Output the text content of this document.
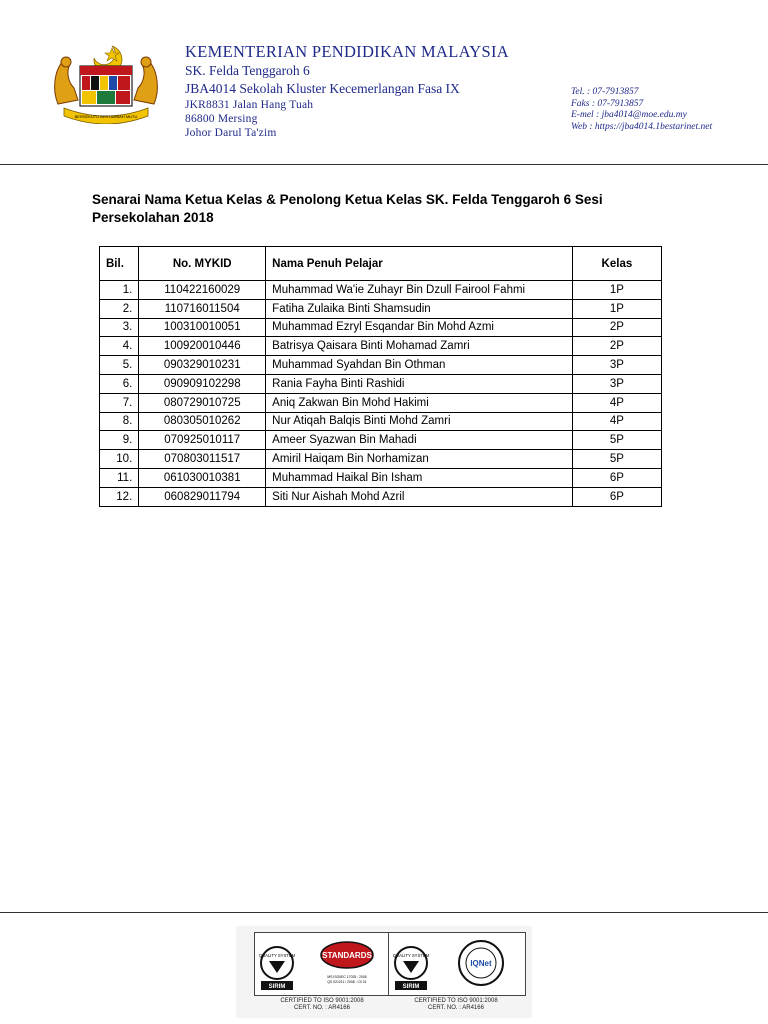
BERSEKUTU BERTAMBAH MUTU
KEMENTERIAN PENDIDIKAN MALAYSIA
SK. Felda Tenggaroh 6
JBA4014 Sekolah Kluster Kecemerlangan Fasa IX
JKR8831 Jalan Hang Tuah
86800 Mersing
Johor Darul Ta'zim
Tel. : 07-7913857
Faks : 07-7913857
E-mel : jba4014@moe.edu.my
Web : https://jba4014.1bestarinet.net
Senarai Nama Ketua Kelas & Penolong Ketua Kelas SK. Felda Tenggaroh 6 Sesi Persekolahan 2018
Bil.	No. MYKID	Nama Penuh Pelajar	Kelas
1.	110422160029	Muhammad Wa'ie Zuhayr Bin Dzull Fairool Fahmi	1P
2.	110716011504	Fatiha Zulaika Binti Shamsudin	1P
3.	100310010051	Muhammad Ezryl Esqandar Bin Mohd Azmi	2P
4.	100920010446	Batrisya Qaisara Binti Mohamad Zamri	2P
5.	090329010231	Muhammad Syahdan Bin Othman	3P
6.	090909102298	Rania Fayha Binti Rashidi	3P
7.	080729010725	Aniq Zakwan Bin Mohd Hakimi	4P
8.	080305010262	Nur Atiqah Balqis Binti Mohd Zamri	4P
9.	070925010117	Ameer Syazwan Bin Mahadi	5P
10.	070803011517	Amiril Haiqam Bin Norhamizan	5P
11.	061030010381	Muhammad Haikal Bin Isham	6P
12.	060829011794	Siti Nur Aishah Mohd Azril	6P
QUALITY SYSTEM
SIRIM
STANDARDS
MS ISO/IEC 17025 : 2005
QS 021211 / 2008 : C0 01
CERTIFIED TO ISO 9001:2008
CERT. NO. : AR4166
QUALITY SYSTEM
SIRIM
IQNet
CERTIFIED TO ISO 9001:2008
CERT. NO. : AR4166
